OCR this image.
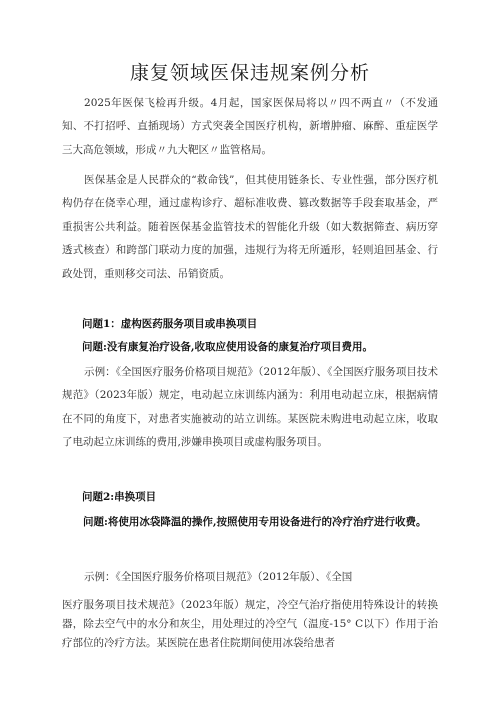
康复领域医保违规案例分析

2025年医保飞检再升级。4月起，国家医保局将以〃四不两直〃（不发通知、不打招呼、直插现场）方式突袭全国医疗机构，新增肿瘤、麻醉、重症医学三大高危领域，形成〃九大靶区〃监管格局。

医保基金是人民群众的“救命钱”，但其使用链条长、专业性强，部分医疗机构仍存在侥幸心理，通过虚构诊疗、超标准收费、篡改数据等手段套取基金，严重损害公共利益。随着医保基金监管技术的智能化升级（如大数据筛查、病历穿透式核查）和跨部门联动力度的加强，违规行为将无所遁形，轻则追回基金、行政处罚，重则移交司法、吊销资质。

问题1：虚构医药服务项目或串换项目

问题:没有康复治疗设备,收取应使用设备的康复治疗项目费用。

示例：《全国医疗服务价格项目规范》（2012年版）、《全国医疗服务项目技术规范》（2023年版）规定，电动起立床训练内涵为：利用电动起立床，根据病情在不同的角度下，对患者实施被动的站立训练。某医院未购进电动起立床，收取了电动起立床训练的费用,涉嫌串换项目或虚构服务项目。

问题2:串换项目

问题:将使用冰袋降温的操作,按照使用专用设备进行的冷疗治疗进行收费。

示例：《全国医疗服务价格项目规范》（2012年版）、《全国

医疗服务项目技术规范》（2023年版）规定，冷空气治疗指使用特殊设计的转换器，除去空气中的水分和灰尘，用处理过的冷空气（温度-15° C以下）作用于治疗部位的冷疗方法。某医院在患者住院期间使用冰袋给患者
